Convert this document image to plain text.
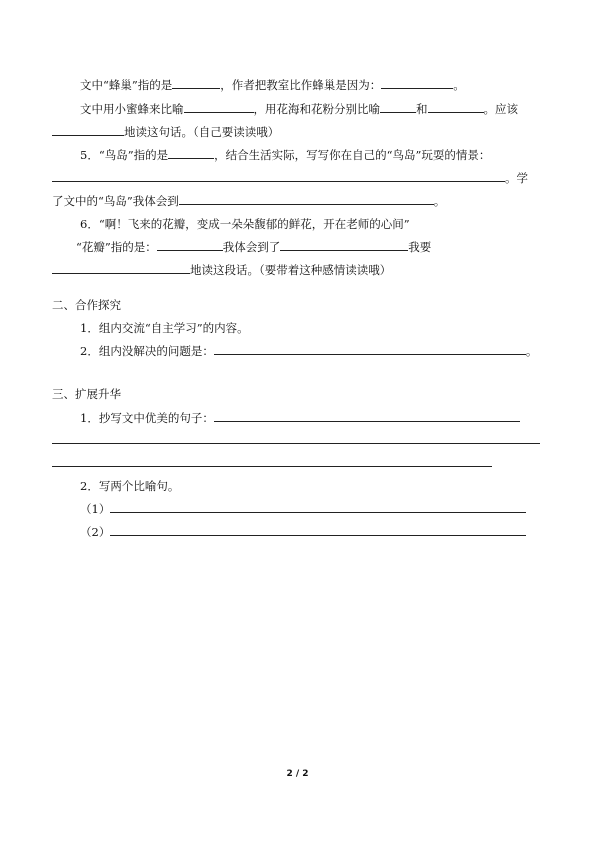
文中“蜂巢”指的是	，作者把教室比作蜂巢是因为：	。
文中用小蜜蜂来比喻	，用花海和花粉分别比喻	和	。应该
地读这句话。（自己要读读哦）
5．“鸟岛”指的是	，结合生活实际，写写你在自己的“鸟岛”玩耍的情景：
。学
了文中的“鸟岛”我体会到	。
6．“啊！飞来的花瓣，变成一朵朵馥郁的鲜花，开在老师的心间”
“花瓣”指的是：	我体会到了	我要
地读这段话。（要带着这种感情读读哦）
二、合作探究
1．组内交流“自主学习”的内容。
2．组内没解决的问题是：	。
三、扩展升华
1．抄写文中优美的句子：
2．写两个比喻句。
（1）
（2）
2 / 2
